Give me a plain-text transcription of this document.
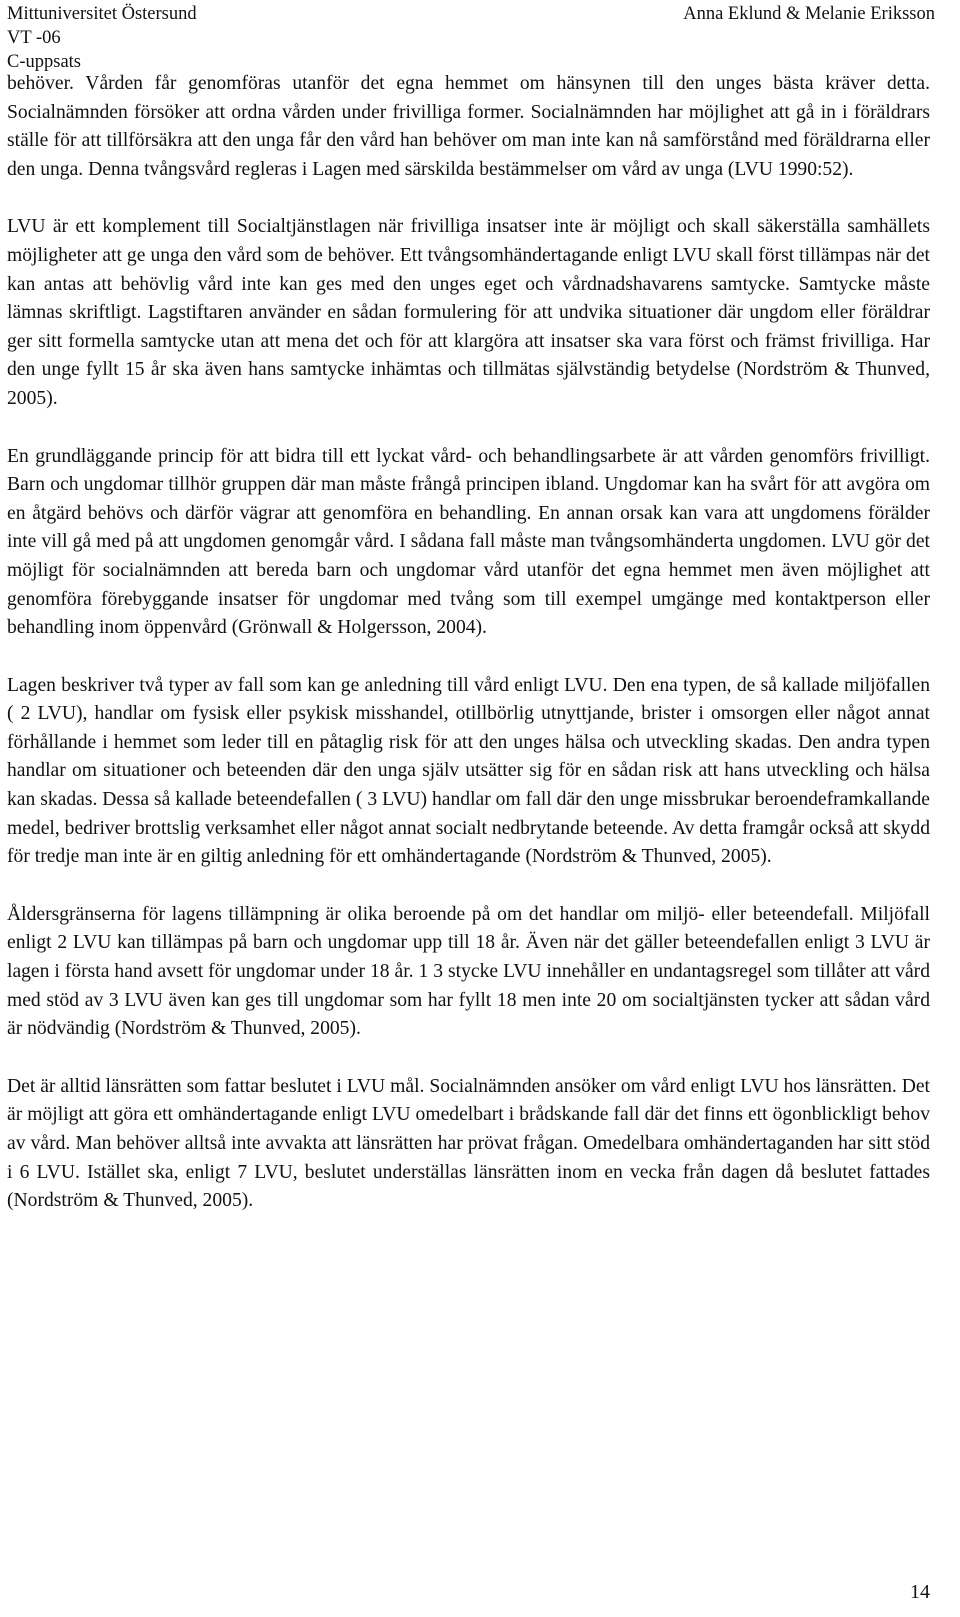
Mittuniversitet Östersund
VT -06
C-uppsats
Anna Eklund & Melanie Eriksson

behöver. Vården får genomföras utanför det egna hemmet om hänsynen till den unges bästa kräver detta. Socialnämnden försöker att ordna vården under frivilliga former. Socialnämnden har möjlighet att gå in i föräldrars ställe för att tillförsäkra att den unga får den vård han behöver om man inte kan nå samförstånd med föräldrarna eller den unga. Denna tvångsvård regleras i Lagen med särskilda bestämmelser om vård av unga (LVU 1990:52).

LVU är ett komplement till Socialtjänstlagen när frivilliga insatser inte är möjligt och skall säkerställa samhällets möjligheter att ge unga den vård som de behöver. Ett tvångsomhändertagande enligt LVU skall först tillämpas när det kan antas att behövlig vård inte kan ges med den unges eget och vårdnadshavarens samtycke. Samtycke måste lämnas skriftligt. Lagstiftaren använder en sådan formulering för att undvika situationer där ungdom eller föräldrar ger sitt formella samtycke utan att mena det och för att klargöra att insatser ska vara först och främst frivilliga. Har den unge fyllt 15 år ska även hans samtycke inhämtas och tillmätas självständig betydelse (Nordström & Thunved, 2005).

En grundläggande princip för att bidra till ett lyckat vård- och behandlingsarbete är att vården genomförs frivilligt. Barn och ungdomar tillhör gruppen där man måste frångå principen ibland. Ungdomar kan ha svårt för att avgöra om en åtgärd behövs och därför vägrar att genomföra en behandling. En annan orsak kan vara att ungdomens förälder inte vill gå med på att ungdomen genomgår vård. I sådana fall måste man tvångsomhänderta ungdomen. LVU gör det möjligt för socialnämnden att bereda barn och ungdomar vård utanför det egna hemmet men även möjlighet att genomföra förebyggande insatser för ungdomar med tvång som till exempel umgänge med kontaktperson eller behandling inom öppenvård (Grönwall & Holgersson, 2004).

Lagen beskriver två typer av fall som kan ge anledning till vård enligt LVU. Den ena typen, de så kallade miljöfallen ( 2 LVU), handlar om fysisk eller psykisk misshandel, otillbörlig utnyttjande, brister i omsorgen eller något annat förhållande i hemmet som leder till en påtaglig risk för att den unges hälsa och utveckling skadas. Den andra typen handlar om situationer och beteenden där den unga själv utsätter sig för en sådan risk att hans utveckling och hälsa kan skadas. Dessa så kallade beteendefallen ( 3 LVU) handlar om fall där den unge missbrukar beroendeframkallande medel, bedriver brottslig verksamhet eller något annat socialt nedbrytande beteende. Av detta framgår också att skydd för tredje man inte är en giltig anledning för ett omhändertagande (Nordström & Thunved, 2005).

Åldersgränserna för lagens tillämpning är olika beroende på om det handlar om miljö- eller beteendefall. Miljöfall enligt 2 LVU kan tillämpas på barn och ungdomar upp till 18 år. Även när det gäller beteendefallen enligt 3 LVU är lagen i första hand avsett för ungdomar under 18 år. 1 3 stycke LVU innehåller en undantagsregel som tillåter att vård med stöd av 3 LVU även kan ges till ungdomar som har fyllt 18 men inte 20 om socialtjänsten tycker att sådan vård är nödvändig (Nordström & Thunved, 2005).

Det är alltid länsrätten som fattar beslutet i LVU mål. Socialnämnden ansöker om vård enligt LVU hos länsrätten. Det är möjligt att göra ett omhändertagande enligt LVU omedelbart i brådskande fall där det finns ett ögonblickligt behov av vård. Man behöver alltså inte avvakta att länsrätten har prövat frågan. Omedelbara omhändertaganden har sitt stöd i 6 LVU. Istället ska, enligt 7 LVU, beslutet underställas länsrätten inom en vecka från dagen då beslutet fattades (Nordström & Thunved, 2005).

14
